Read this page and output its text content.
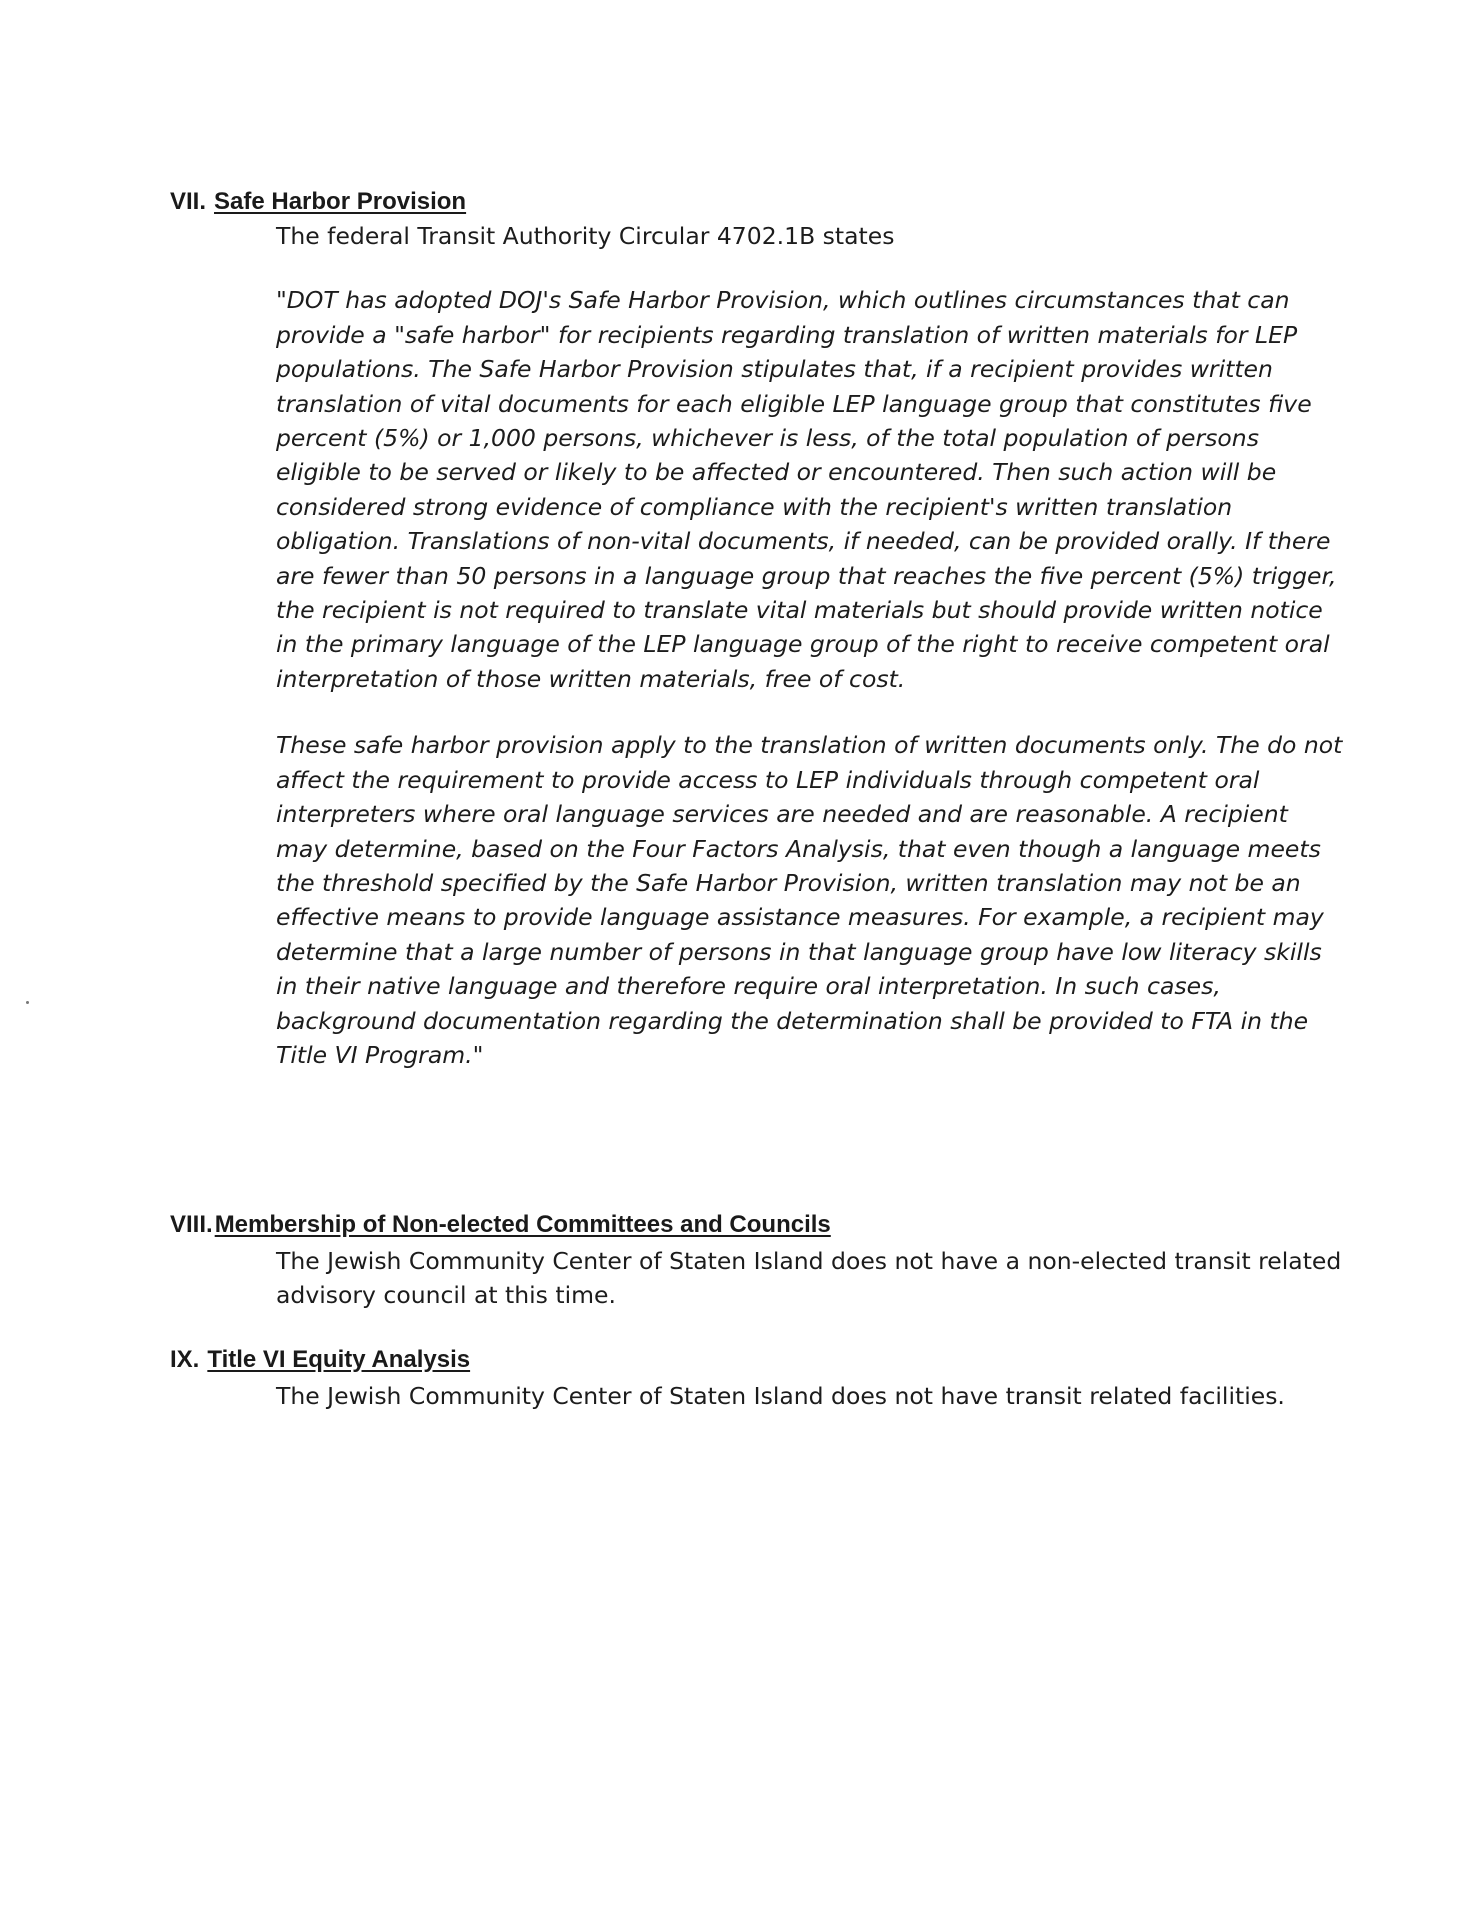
VII. Safe Harbor Provision
The federal Transit Authority Circular 4702.1B states
"DOT has adopted DOJ's Safe Harbor Provision, which outlines circumstances that can provide a "safe harbor" for recipients regarding translation of written materials for LEP populations. The Safe Harbor Provision stipulates that, if a recipient provides written translation of vital documents for each eligible LEP language group that constitutes five percent (5%) or 1,000 persons, whichever is less, of the total population of persons eligible to be served or likely to be affected or encountered. Then such action will be considered strong evidence of compliance with the recipient's written translation obligation. Translations of non-vital documents, if needed, can be provided orally. If there are fewer than 50 persons in a language group that reaches the five percent (5%) trigger, the recipient is not required to translate vital materials but should provide written notice in the primary language of the LEP language group of the right to receive competent oral interpretation of those written materials, free of cost.
These safe harbor provision apply to the translation of written documents only. The do not affect the requirement to provide access to LEP individuals through competent oral interpreters where oral language services are needed and are reasonable. A recipient may determine, based on the Four Factors Analysis, that even though a language meets the threshold specified by the Safe Harbor Provision, written translation may not be an effective means to provide language assistance measures. For example, a recipient may determine that a large number of persons in that language group have low literacy skills in their native language and therefore require oral interpretation. In such cases, background documentation regarding the determination shall be provided to FTA in the Title VI Program."
VIII.Membership of Non-elected Committees and Councils
The Jewish Community Center of Staten Island does not have a non-elected transit related advisory council at this time.
IX. Title VI Equity Analysis
The Jewish Community Center of Staten Island does not have transit related facilities.
